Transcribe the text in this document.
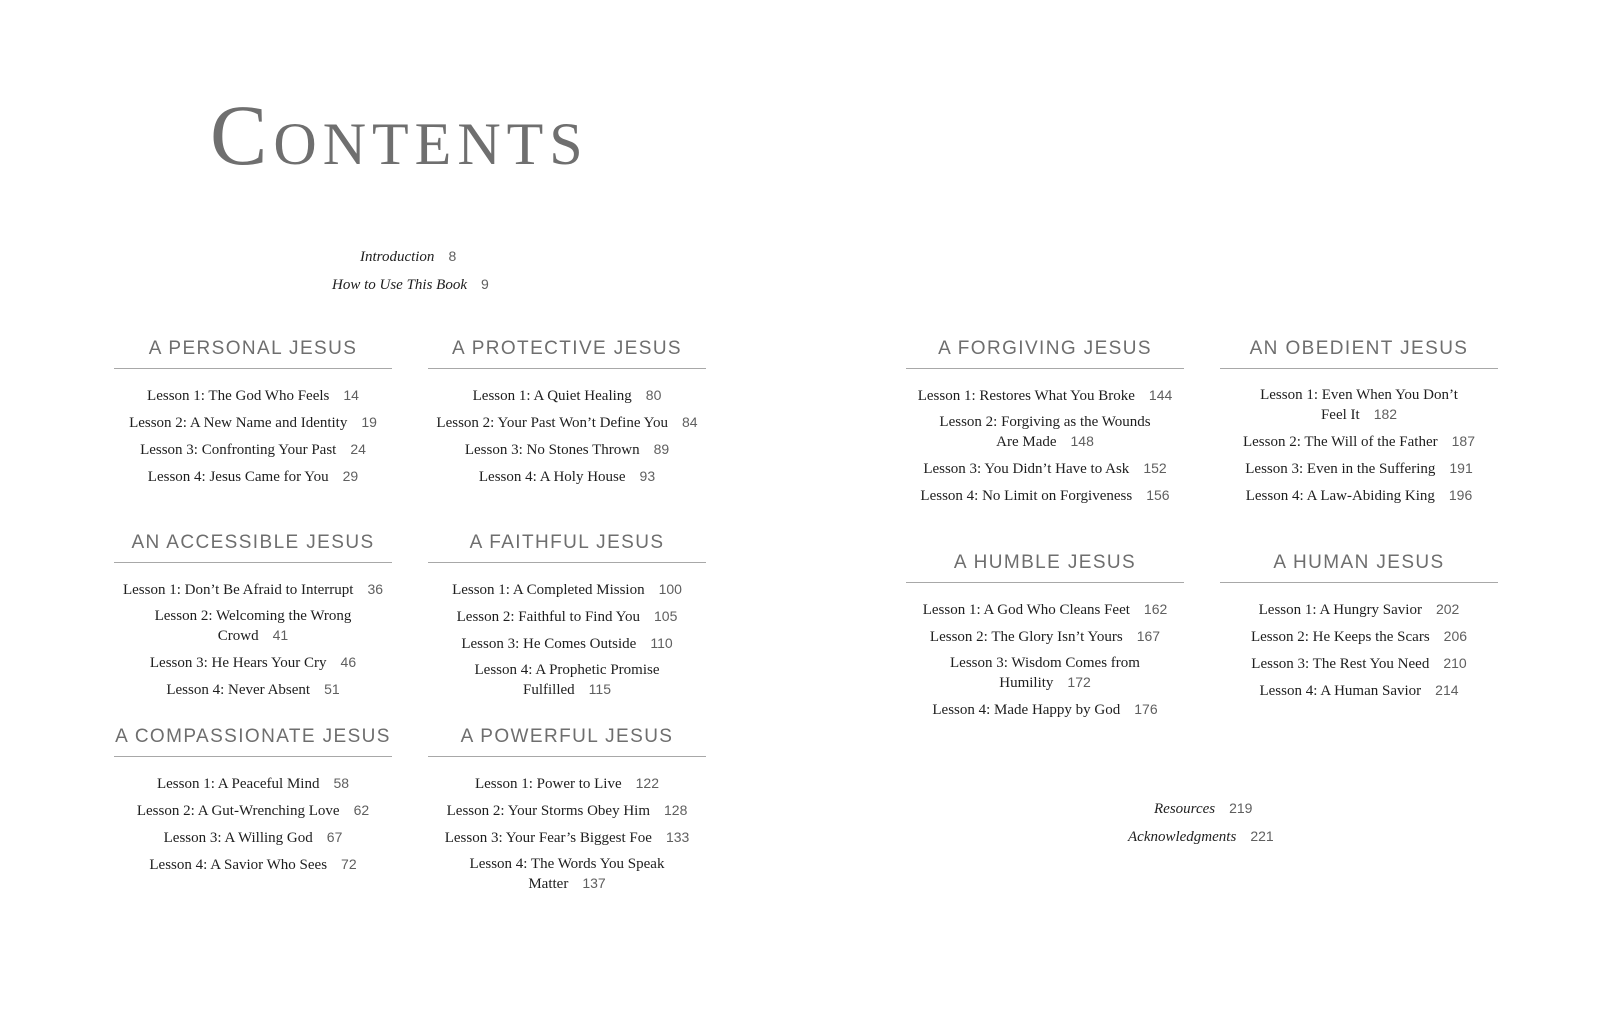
Contents
Introduction 8
How to Use This Book 9
A PERSONAL JESUS
Lesson 1: The God Who Feels 14
Lesson 2: A New Name and Identity 19
Lesson 3: Confronting Your Past 24
Lesson 4: Jesus Came for You 29
A PROTECTIVE JESUS
Lesson 1: A Quiet Healing 80
Lesson 2: Your Past Won’t Define You 84
Lesson 3: No Stones Thrown 89
Lesson 4: A Holy House 93
AN ACCESSIBLE JESUS
Lesson 1: Don’t Be Afraid to Interrupt 36
Lesson 2: Welcoming the Wrong Crowd 41
Lesson 3: He Hears Your Cry 46
Lesson 4: Never Absent 51
A FAITHFUL JESUS
Lesson 1: A Completed Mission 100
Lesson 2: Faithful to Find You 105
Lesson 3: He Comes Outside 110
Lesson 4: A Prophetic Promise Fulfilled 115
A COMPASSIONATE JESUS
Lesson 1: A Peaceful Mind 58
Lesson 2: A Gut-Wrenching Love 62
Lesson 3: A Willing God 67
Lesson 4: A Savior Who Sees 72
A POWERFUL JESUS
Lesson 1: Power to Live 122
Lesson 2: Your Storms Obey Him 128
Lesson 3: Your Fear’s Biggest Foe 133
Lesson 4: The Words You Speak Matter 137
A FORGIVING JESUS
Lesson 1: Restores What You Broke 144
Lesson 2: Forgiving as the Wounds
Are Made 148
Lesson 3: You Didn’t Have to Ask 152
Lesson 4: No Limit on Forgiveness 156
AN OBEDIENT JESUS
Lesson 1: Even When You Don’t
Feel It 182
Lesson 2: The Will of the Father 187
Lesson 3: Even in the Suffering 191
Lesson 4: A Law-Abiding King 196
A HUMBLE JESUS
Lesson 1: A God Who Cleans Feet 162
Lesson 2: The Glory Isn’t Yours 167
Lesson 3: Wisdom Comes from
Humility 172
Lesson 4: Made Happy by God 176
A HUMAN JESUS
Lesson 1: A Hungry Savior 202
Lesson 2: He Keeps the Scars 206
Lesson 3: The Rest You Need 210
Lesson 4: A Human Savior 214
Resources 219
Acknowledgments 221
